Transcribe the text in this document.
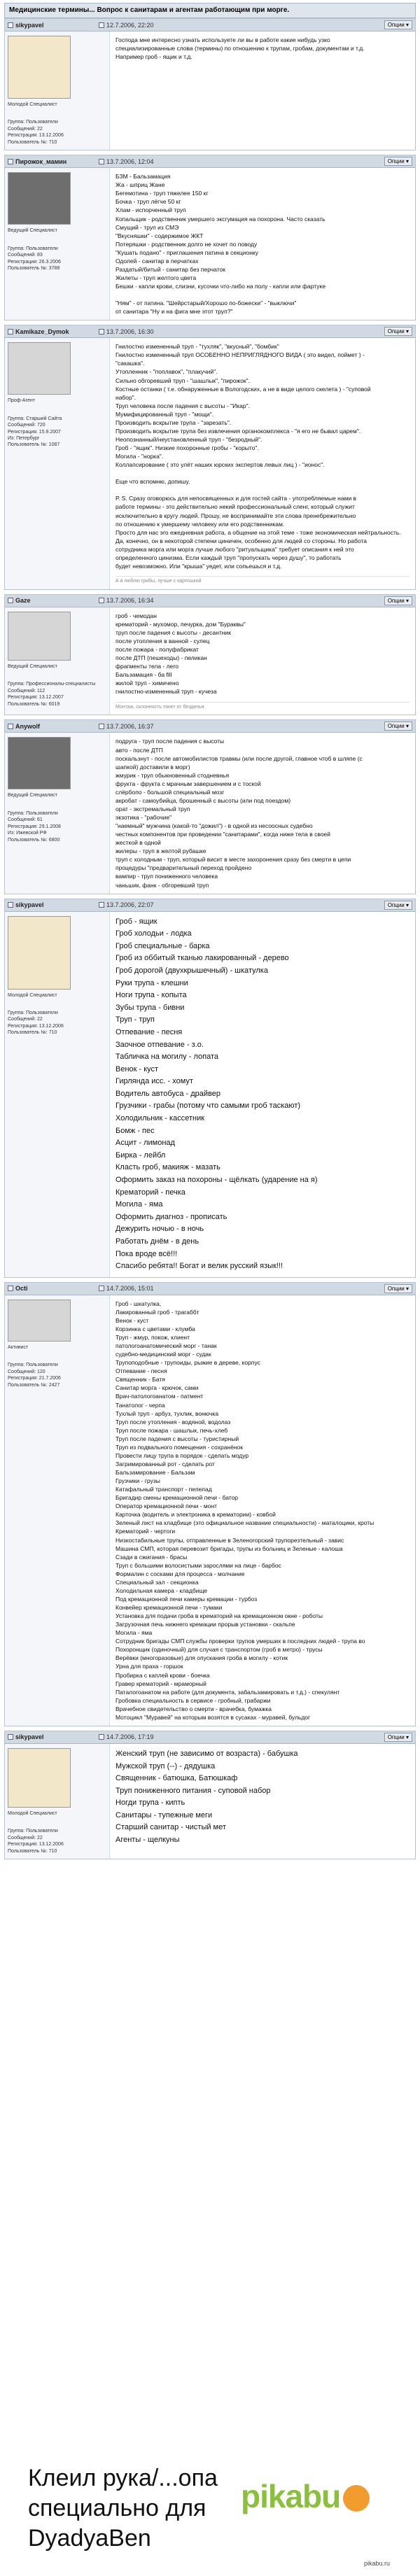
Медицинские термины... Вопрос к санитарам и агентам работающим при морге.
sikypavel	12.7.2006, 22:20	Опции ▾
Молодой Специалист
Группа: Пользователи
Сообщений: 22
Регистрация: 13.12.2006
Пользователь №: 710
Господа мне интересно узнать используете ли вы в работе какие нибудь узко
специализированные слова (термины) по отношению к трупам, гробам, документам и т.д.
Например гроб - ящик и т.д.
Пирожок_мамин	13.7.2006, 12:04	Опции ▾
Ведущий Специалист
Группа: Пользователи
Сообщений: 83
Регистрация: 26.3.2006
Пользователь №: 3788
БЗМ - Бальзамация
Жа - шприц Жане
Бегемотина - труп тяжелее 150 кг
Бочка - труп лёгче 50 кг
Хлам - испорченный труп
Копальщик - родственник умершего эксгумация на похорона. Часто сказать
Смущий - труп из СМЭ
"Вкусняшки" - содержимое ЖКТ
Потеряшки - родственник долго не хочет по поводу
"Кушать подано" - приглашения патина в секционку
Одолей - санитар в перчатках
Раздатый/битый - санитар без перчаток
Жилеты - труп желтого цвета
Бешки - капли крови, слизни, кусочки что-либо на полу - капли или фартуке

"Ням" - от патина. "Шейрстарый/Хорошо по-божески" - "выключи"
от санитара "Ну и на фига мне этот труп?"
Kamikaze_Dymok	13.7.2006, 16:30	Опции ▾
Проф-Агент
Группа: Старший Сайта
Сообщений: 720
Регистрация: 15.9.2007
Из: Петербург
Пользователь №: 1087
Гнилостно измененный труп - "тухляк", "вкусный", "бомбик"
Гнилостно измененный труп ОСОБЕННО НЕПРИГЛЯДНОГО ВИДА ( это видел, поймет ) -
"сакашка".
Утопленник - "поплавок", "плакучий".
Сильно обгоревший труп - "шашлык", "пирожок".
Костные останки ( т.е. обнаруженные в Вологодских, а не в виде целого скелета ) - "суповой
набор".
Труп человека после падения с высоты - "Икар".
Мумифицированный труп - "мощи".
Производить вскрытие трупа - "зарезать".
Производить вскрытие трупа без извлечения органокомплекса - "я его не бывал царем".
Неопознанный/неустановленный труп - "безродный".
Гроб - "ящик". Низкие похоронные гробы - "корыто".
Могила - "норка".
Коллапсирование ( это улёт наших юрских экспертов левых лиц ) - "ионос".

Еще что вспомню, допишу.

Р. S. Сразу оговорюсь для непосвященных и для гостей сайта - употребляемые нами в
работе термины - это действительно некий профессиональный сленг, который служит
исключительно в кругу людей. Прошу, не воспринимайте эти слова пренебрежительно
по отношению к умершему человеку или его родственникам.
Просто для нас эго ежедневная работа, а общение на этой теме - тоже экономическая нейтральность.
Да, конечно, он в некоторой степени циничен, особенно для людей со стороны. Но работа
сотрудника морга или морга лучше любого "ритуальщика" требует описания к ней это
определенного цинизма. Если каждый труп "пропускать через душу", то работать
будет невозможно. Или "крыша" уедет, или сопьешься и т.д.
А я люблю грибы, лучше с картошкой
Gaze	13.7.2006, 16:34	Опции ▾
Ведущий Специалист
Группа: Профессионалы-специалисты
Сообщений: 112
Регистрация: 13.12.2007
Пользователь №: 6019
гроб - чемодан
крематорий - мухомор, печурка, дом "Бураквы"
труп после падения с высоты - десантник
после утопления в ванной - сулец
после пожара - полуфабрикат
после ДТП (пешеходы) - пеликан
фрагменты тела - лего
Бальзамация - ба fill
жилой труп - химичено
гнилостно-измененный труп - кучеза
Монтаж, склонность тянет от безделья
Anywolf	13.7.2006, 16:37	Опции ▾
Ведущий Специалист
Группа: Пользователи
Сообщений: 61
Регистрация: 29.1.2008
Из: Ижевской РФ
Пользователь №: 6800
подруга - труп после падения с высоты
авто - после ДТП
поскальзнут - после автомобилистов травмы (или после другой, главное чтоб в шляпе (с
шапкой) доставили в морг)
жмурик - труп обыкновенный стодневнья
фрукта - фрукта с мрачным завершением и с тоской
слёрбопо - большой специальный мозг
акробат - самоубийца, брошенный с высоты (или под поездом)
орат - экстремальный труп
экзотика - "рабочие"
"наемный" мужчина (какой-то "дожил") - в одной из несоосных судебно
честных компонентов при проведении "санитарами", когда ниже тела в своей
жесткой в одной
жилеры - труп в желтой рубашке
труп с холодным - труп, который висит в месте захоронения сразу без смерти в цепи
процедуры "предварительный переход пройдено
вампир - труп пониженного человека
чаньшик, фанк - обгоревший труп
sikypavel	13.7.2006, 22:07	Опции ▾
Молодой Специалист
Группа: Пользователи
Сообщений: 22
Регистрация: 13.12.2006
Пользователь №: 710
Гроб - ящик
Гроб холодьи - лодка
Гроб специальные - барка
Гроб из оббитый тканью лакированный - дерево
Гроб дорогой (двухкрышечный) - шкатулка
Руки трупа - клешни
Ноги трупа - копыта
Зубы трупа - бивни
Труп - труп
Отпевание - песня
Заочное отпевание - з.о.
Табличка на могилу - лопата
Венок - куст
Гирлянда исс. - хомут
Водитель автобуса - драйвер
Грузчики - грабы (потому что самыми гроб таскают)
Холодильник - кассетник
Бомж - пес
Асцит - лимонад
Бирка - лейбл
Класть гроб, макияж - мазать
Оформить заказ на похороны - щёлкать (ударение на я)
Крематорий - печка
Могила - яма
Оформить диагноз - прописать
Дежурить ночью - в ночь
Работать днём - в день
Пока вроде всё!!!
Спасибо ребята!! Богат и велик русский язык!!!
Octi	14.7.2006, 15:01	Опции ▾
Активист
Группа: Пользователи
Сообщений: 120
Регистрация: 21.7.2006
Пользователь №: 2427
Гроб - шкатулка,
Лакированный гроб - трагаббт
Венок - куст
Корзинка с цветами - клумба
Труп - жмур, покож, клиент
патологоанатомический морг - танак
судебно-медицинский морг - судак
Трупоподобные - трупоиды, рыжие в дереве, корпус
Отпевание - песня
Священник - Батя
Санитар морга - крючок, сами
Врач-патологоанатом - патмент
Танатолог - черпа
Тухлый труп - арбуз, тухлик, вонючка
Труп после утопления - водяной, водолаз
Труп после пожара - шашлык, печь-хлеб
Труп после падения с высоты - туристирный
Труп из подвального помещения - сохранёнок
Провести лицу трупа в порядок - сделать модур
Загримированный рот - сделать рот
Бальзамирование - Бальзам
Грузчики - грузы
Катафальный транспорт - пепелад
Бригадир смены кремационной печи - батор
Оператор кремационной печи - монт
Карточка (водитель и электроника в крематории) - ковбой
Зеленый лист на кладбище (это официальное название специальности) - маталоцики, кроты
Крематорий - чертоги
Низкостабильные трупы, отправленные в Зеленогорский трупорезтельный - завис
Машина СМП, которая перевозит бригады, трупы из больниц и Зеленые - калоша
Сзади в сжигания - брасы
Труп с большими волосистыми зарослями на лице - барбос
Формалин с сосками для процесса - молчание
Специальный зал - секционка
Холодильная камера - кладбище
Под кремационной печи камеры кремации - турбоз
Конвейер кремационной печи - тумаки
Установка для подачи гроба в крематорий на кремационном окне - роботы
Загрузочная печь нижнего кремации прорыв установки - скальпе
Могила - яма
Сотрудник бригады СМП службы проверки трупов умерших в последних людей - трупа во
Похоронщик (одиночный) для случая с транспортом (гроб в метро) - трусы
Верёвки (многоразовые) для опускания гроба в могилу - котик
Урна для праха - горшок
Пробирка с каплей крови - боечка
Гравер крематорий - мраморный
Паталогоанатом на работе (для документа, забальзамировать и т.д.) - спекулянт
Гробовка специальность в сервисе - гробный, грабаржи
Врачебное свидетельство о смерти - врачебка, бумажка
Мотоцикл "Муравей" на которым возятся в сусаках - муравей, бульдог
sikypavel	14.7.2006, 17:19	Опции ▾
Молодой Специалист
Группа: Пользователи
Сообщений: 22
Регистрация: 13.12.2006
Пользователь №: 710
Женский труп (не зависимо от возраста) - бабушка
Мужской труп (--) - дядушка
Священник - батюшка, Батюшкаф
Труп пониженного питания - суповой набор
Ногди трупа - кипть
Санитары - тупежные меги
Старший санитар - чистый мет
Агенты - щелкуны
Клеил рука/...опа
специально для
DyadyaBen
pikabu
pikabu.ru
